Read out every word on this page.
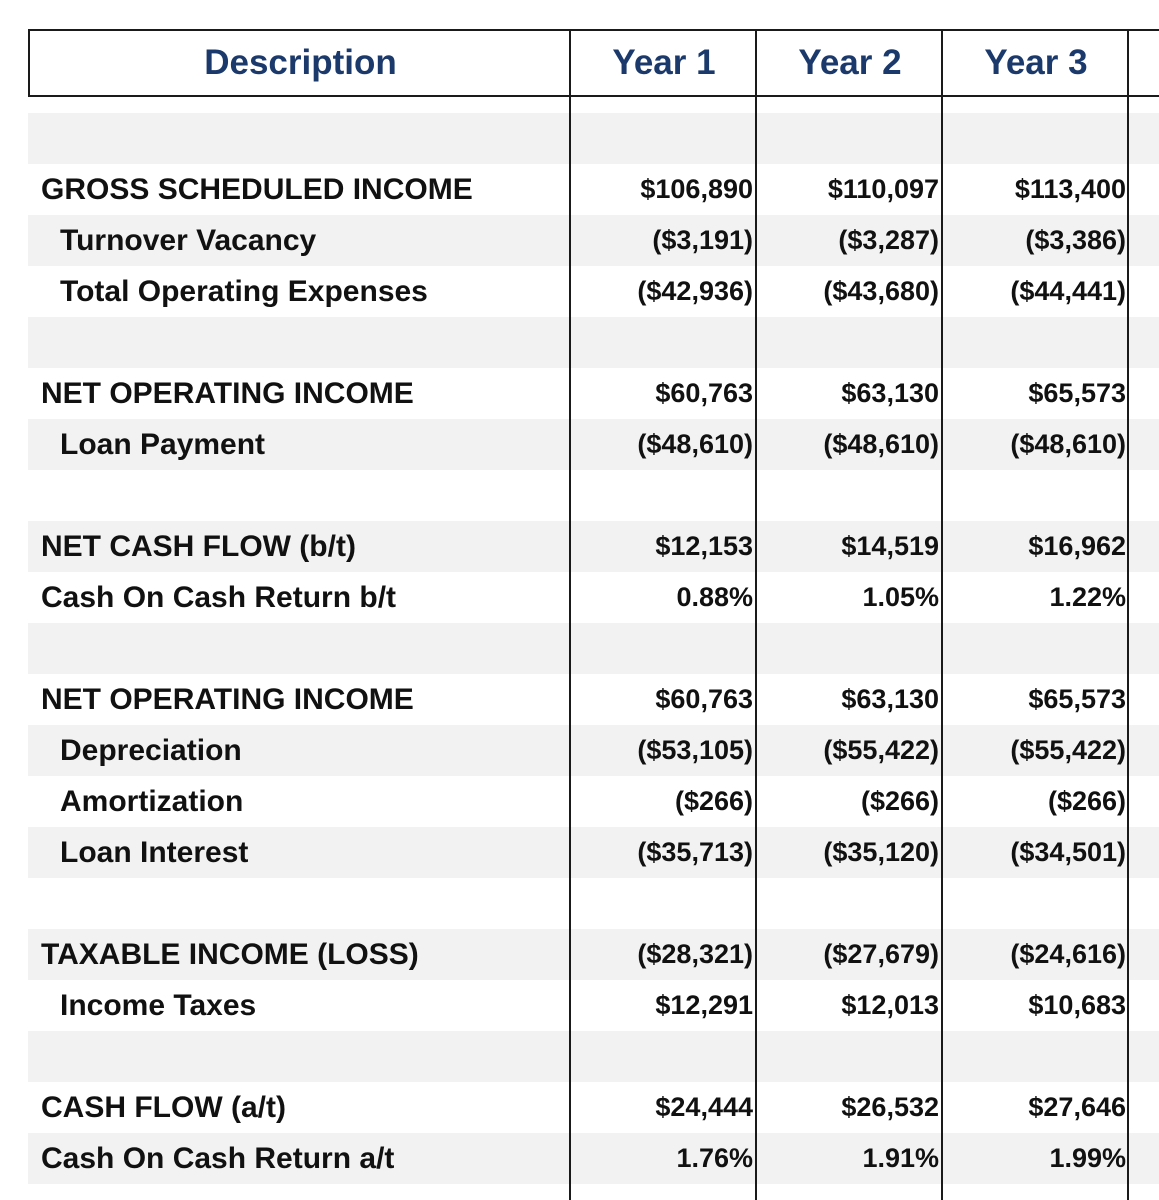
Description	Year 1	Year 2	Year 3
GROSS SCHEDULED INCOME	$106,890	$110,097	$113,400
Turnover Vacancy	($3,191)	($3,287)	($3,386)
Total Operating Expenses	($42,936)	($43,680)	($44,441)
NET OPERATING INCOME	$60,763	$63,130	$65,573
Loan Payment	($48,610)	($48,610)	($48,610)
NET CASH FLOW (b/t)	$12,153	$14,519	$16,962
Cash On Cash Return b/t	0.88%	1.05%	1.22%
NET OPERATING INCOME	$60,763	$63,130	$65,573
Depreciation	($53,105)	($55,422)	($55,422)
Amortization	($266)	($266)	($266)
Loan Interest	($35,713)	($35,120)	($34,501)
TAXABLE INCOME (LOSS)	($28,321)	($27,679)	($24,616)
Income Taxes	$12,291	$12,013	$10,683
CASH FLOW (a/t)	$24,444	$26,532	$27,646
Cash On Cash Return a/t	1.76%	1.91%	1.99%
